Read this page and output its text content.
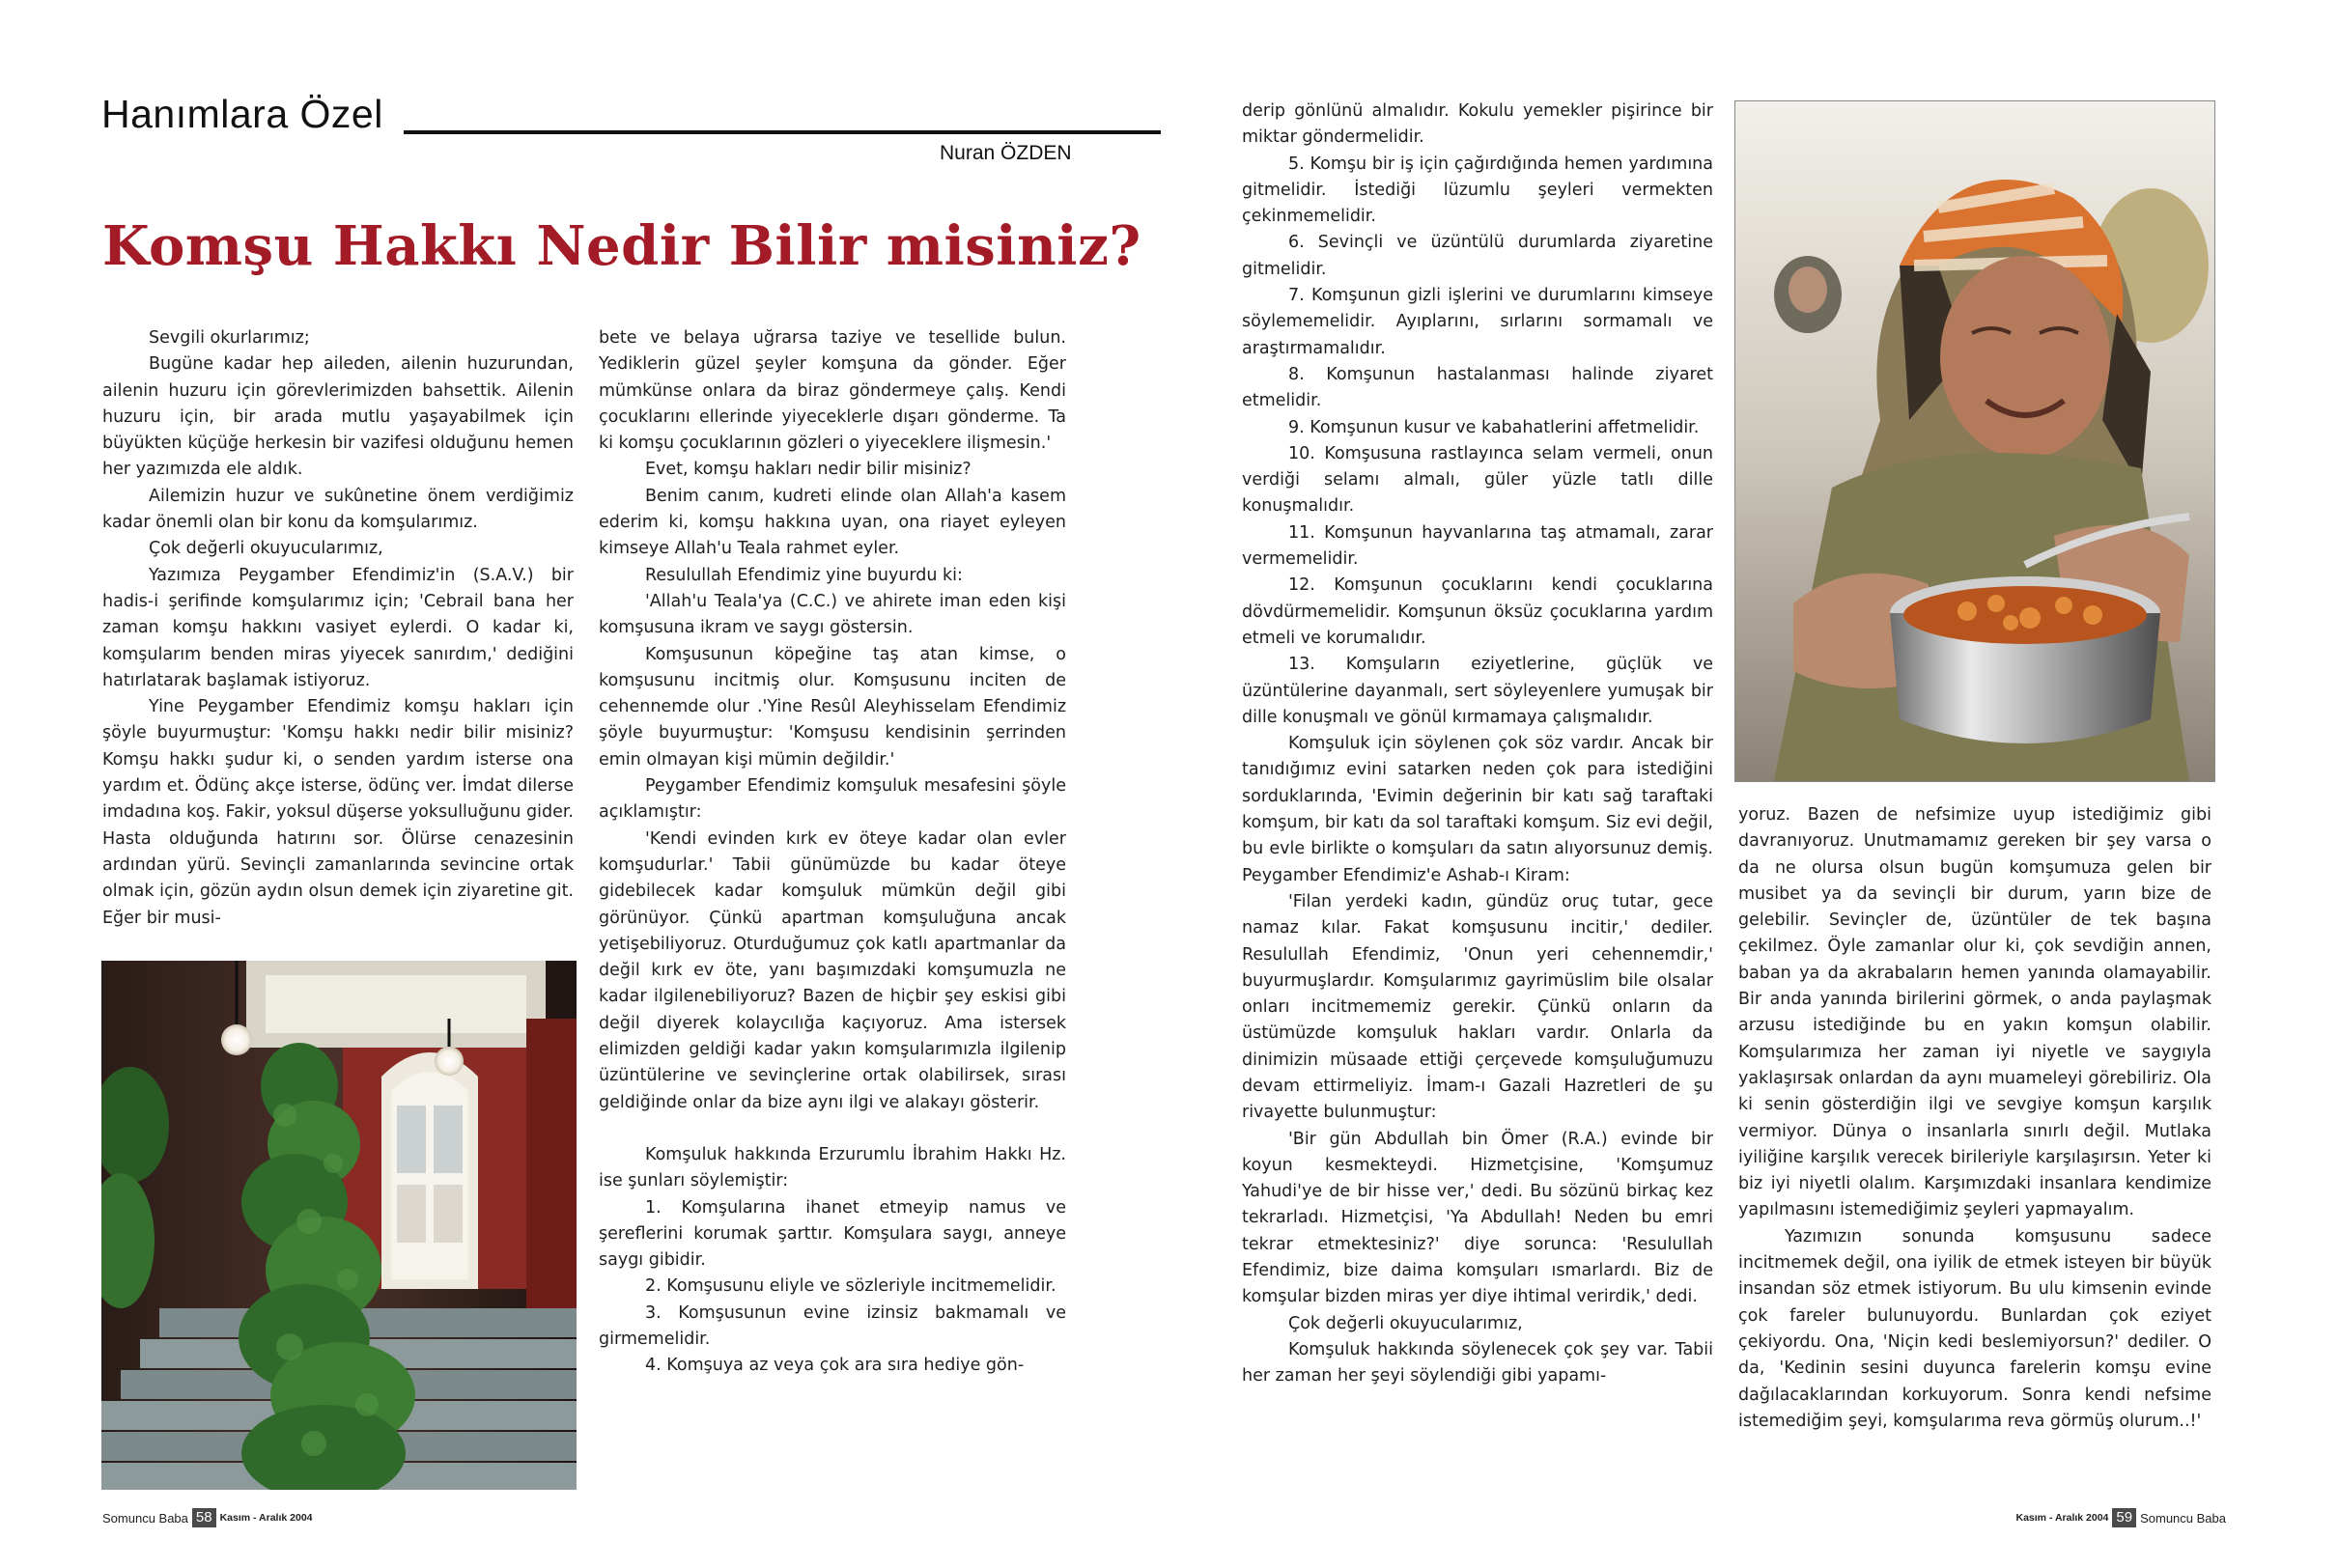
Hanımlara Özel
Nuran ÖZDEN
Komşu Hakkı Nedir Bilir misiniz?

Sevgili okurlarımız;

Bugüne kadar hep aileden, ailenin huzurundan, ailenin huzuru için görevlerimizden bahsettik. Ailenin huzuru için, bir arada mutlu yaşayabilmek için büyükten küçüğe herkesin bir vazifesi olduğunu hemen her yazımızda ele aldık.

Ailemizin huzur ve sukûnetine önem verdiğimiz kadar önemli olan bir konu da komşularımız.

Çok değerli okuyucularımız,

Yazımıza Peygamber Efendimiz'in (S.A.V.) bir hadis-i şerifinde komşularımız için; 'Cebrail bana her zaman komşu hakkını vasiyet eylerdi. O kadar ki, komşularım benden miras yiyecek sanırdım,' dediğini hatırlatarak başlamak istiyoruz.

Yine Peygamber Efendimiz komşu hakları için şöyle buyurmuştur: 'Komşu hakkı nedir bilir misiniz? Komşu hakkı şudur ki, o senden yardım isterse ona yardım et. Ödünç akçe isterse, ödünç ver. İmdat dilerse imdadına koş. Fakir, yoksul düşerse yoksulluğunu gider. Hasta olduğunda hatırını sor. Ölürse cenazesinin ardından yürü. Sevinçli zamanlarında sevincine ortak olmak için, gözün aydın olsun demek için ziyaretine git. Eğer bir musi-

bete ve belaya uğrarsa taziye ve tesellide bulun. Yediklerin güzel şeyler komşuna da gönder. Eğer mümkünse onlara da biraz göndermeye çalış. Kendi çocuklarını ellerinde yiyeceklerle dışarı gönderme. Ta ki komşu çocuklarının gözleri o yiyeceklere ilişmesin.'

Evet, komşu hakları nedir bilir misiniz?

Benim canım, kudreti elinde olan Allah'a kasem ederim ki, komşu hakkına uyan, ona riayet eyleyen kimseye Allah'u Teala rahmet eyler.

Resulullah Efendimiz yine buyurdu ki:

'Allah'u Teala'ya (C.C.) ve ahirete iman eden kişi komşusuna ikram ve saygı göstersin.

Komşusunun köpeğine taş atan kimse, o komşusunu incitmiş olur. Komşusunu inciten de cehennemde olur .'Yine Resûl Aleyhisselam Efendimiz şöyle buyurmuştur: 'Komşusu kendisinin şerrinden emin olmayan kişi mümin değildir.'

Peygamber Efendimiz komşuluk mesafesini şöyle açıklamıştır:

'Kendi evinden kırk ev öteye kadar olan evler komşudurlar.' Tabii günümüzde bu kadar öteye gidebilecek kadar komşuluk mümkün değil gibi görünüyor. Çünkü apartman komşuluğuna ancak yetişebiliyoruz. Oturduğumuz çok katlı apartmanlar da değil kırk ev öte, yanı başımızdaki komşumuzla ne kadar ilgilenebiliyoruz? Bazen de hiçbir şey eskisi gibi değil diyerek kolaycılığa kaçıyoruz. Ama istersek elimizden geldiği kadar yakın komşularımızla ilgilenip üzüntülerine ve sevinçlerine ortak olabilirsek, sırası geldiğinde onlar da bize aynı ilgi ve alakayı gösterir.

Komşuluk hakkında Erzurumlu İbrahim Hakkı Hz. ise şunları söylemiştir:

1. Komşularına ihanet etmeyip namus ve şereflerini korumak şarttır. Komşulara saygı, anneye saygı gibidir.

2. Komşusunu eliyle ve sözleriyle incitmemelidir.

3. Komşusunun evine izinsiz bakmamalı ve girmemelidir.

4. Komşuya az veya çok ara sıra hediye gön-

derip gönlünü almalıdır. Kokulu yemekler pişirince bir miktar göndermelidir.

5. Komşu bir iş için çağırdığında hemen yardımına gitmelidir. İstediği lüzumlu şeyleri vermekten çekinmemelidir.

6. Sevinçli ve üzüntülü durumlarda ziyaretine gitmelidir.

7. Komşunun gizli işlerini ve durumlarını kimseye söylememelidir. Ayıplarını, sırlarını sormamalı ve araştırmamalıdır.

8. Komşunun hastalanması halinde ziyaret etmelidir.

9. Komşunun kusur ve kabahatlerini affetmelidir.

10. Komşusuna rastlayınca selam vermeli, onun verdiği selamı almalı, güler yüzle tatlı dille konuşmalıdır.

11. Komşunun hayvanlarına taş atmamalı, zarar vermemelidir.

12. Komşunun çocuklarını kendi çocuklarına dövdürmemelidir. Komşunun öksüz çocuklarına yardım etmeli ve korumalıdır.

13. Komşuların eziyetlerine, güçlük ve üzüntülerine dayanmalı, sert söyleyenlere yumuşak bir dille konuşmalı ve gönül kırmamaya çalışmalıdır.

Komşuluk için söylenen çok söz vardır. Ancak bir tanıdığımız evini satarken neden çok para istediğini sorduklarında, 'Evimin değerinin bir katı sağ taraftaki komşum, bir katı da sol taraftaki komşum. Siz evi değil, bu evle birlikte o komşuları da satın alıyorsunuz demiş. Peygamber Efendimiz'e Ashab-ı Kiram:

'Filan yerdeki kadın, gündüz oruç tutar, gece namaz kılar. Fakat komşusunu incitir,' dediler. Resulullah Efendimiz, 'Onun yeri cehennemdir,' buyurmuşlardır. Komşularımız gayrimüslim bile olsalar onları incitmememiz gerekir. Çünkü onların da üstümüzde komşuluk hakları vardır. Onlarla da dinimizin müsaade ettiği çerçevede komşuluğumuzu devam ettirmeliyiz. İmam-ı Gazali Hazretleri de şu rivayette bulunmuştur:

'Bir gün Abdullah bin Ömer (R.A.) evinde bir koyun kesmekteydi. Hizmetçisine, 'Komşumuz Yahudi'ye de bir hisse ver,' dedi. Bu sözünü birkaç kez tekrarladı. Hizmetçisi, 'Ya Abdullah! Neden bu emri tekrar etmektesiniz?' diye sorunca: 'Resulullah Efendimiz, bize daima komşuları ısmarlardı. Biz de komşular bizden miras yer diye ihtimal verirdik,' dedi.

Çok değerli okuyucularımız,

Komşuluk hakkında söylenecek çok şey var. Tabii her zaman her şeyi söylendiği gibi yapamı-

yoruz. Bazen de nefsimize uyup istediğimiz gibi davranıyoruz. Unutmamamız gereken bir şey varsa o da ne olursa olsun bugün komşumuza gelen bir musibet ya da sevinçli bir durum, yarın bize de gelebilir. Sevinçler de, üzüntüler de tek başına çekilmez. Öyle zamanlar olur ki, çok sevdiğin annen, baban ya da akrabaların hemen yanında olamayabilir. Bir anda yanında birilerini görmek, o anda paylaşmak arzusu istediğinde bu en yakın komşun olabilir. Komşularımıza her zaman iyi niyetle ve saygıyla yaklaşırsak onlardan da aynı muameleyi görebiliriz. Ola ki senin gösterdiğin ilgi ve sevgiye komşun karşılık vermiyor. Dünya o insanlarla sınırlı değil. Mutlaka iyiliğine karşılık verecek birileriyle karşılaşırsın. Yeter ki biz iyi niyetli olalım. Karşımızdaki insanlara kendimize yapılmasını istemediğimiz şeyleri yapmayalım.

Yazımızın sonunda komşusunu sadece incitmemek değil, ona iyilik de etmek isteyen bir büyük insandan söz etmek istiyorum. Bu ulu kimsenin evinde çok fareler bulunuyordu. Bunlardan çok eziyet çekiyordu. Ona, 'Niçin kedi beslemiyorsun?' dediler. O da, 'Kedinin sesini duyunca farelerin komşu evine dağılacaklarından korkuyorum. Sonra kendi nefsime istemediğim şeyi, komşularıma reva görmüş olurum..!'

Somuncu Baba 58 Kasım - Aralık 2004	Kasım - Aralık 2004 59 Somuncu Baba
